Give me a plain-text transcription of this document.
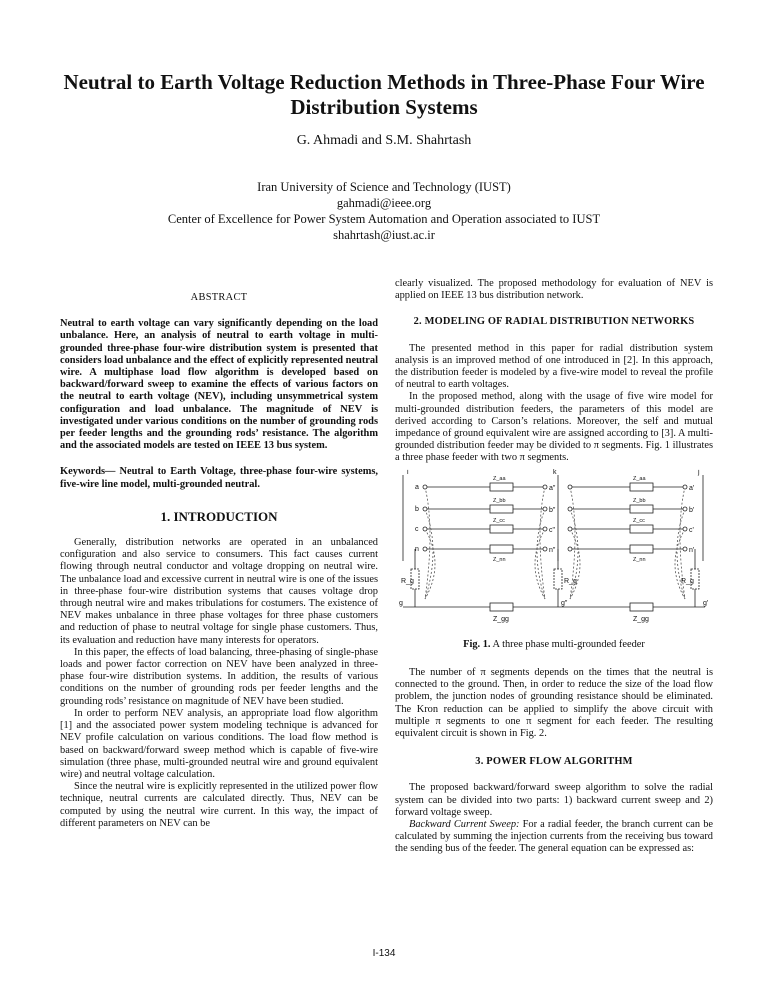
Neutral to Earth Voltage Reduction Methods in Three-Phase Four Wire Distribution Systems
G. Ahmadi and S.M. Shahrtash
Iran University of Science and Technology (IUST)
gahmadi@ieee.org
Center of Excellence for Power System Automation and Operation associated to IUST
shahrtash@iust.ac.ir
ABSTRACT

Neutral to earth voltage can vary significantly depending on the load unbalance. Here, an analysis of neutral to earth voltage in multi-grounded three-phase four-wire distribution system is presented that considers load unbalance and the effect of explicitly represented neutral wire. A multiphase load flow algorithm is developed based on backward/forward sweep to examine the effects of various factors on the neutral to earth voltage (NEV), including unsymmetrical system configuration and load unbalance. The magnitude of NEV is investigated under various conditions on the number of grounding rods per feeder lengths and the grounding rods’ resistance. The algorithm and the associated models are tested on IEEE 13 bus system.

Keywords— Neutral to Earth Voltage, three-phase four-wire systems, five-wire line model, multi-grounded neutral.

1. INTRODUCTION

Generally, distribution networks are operated in an unbalanced configuration and also service to consumers. This fact causes current flowing through neutral conductor and voltage dropping on neutral wire. The unbalance load and excessive current in neutral wire is one of the issues in three-phase four-wire distribution systems that causes voltage drop through neutral wire and makes tribulations for costumers. The existence of NEV makes unbalance in three phase voltages for three phase customers and reduction of phase to neutral voltage for single phase customers. Thus, its evaluation and reduction have many interests for operators.

In this paper, the effects of load balancing, three-phasing of single-phase loads and power factor correction on NEV have been analyzed in three-phase four-wire distribution systems. In addition, the results of various conditions on the number of grounding rods per feeder lengths and the grounding rods’ resistance on magnitude of NEV have been studied.

In order to perform NEV analysis, an appropriate load flow algorithm [1] and the associated power system modeling technique is advanced for NEV profile calculation on various conditions. The load flow method is based on backward/forward sweep method which is capable of five-wire simulation (three phase, multi-grounded neutral wire and ground equivalent wire) and neutral voltage calculation.

Since the neutral wire is explicitly represented in the utilized power flow technique, neutral currents are calculated directly. Thus, NEV can be computed by using the neutral wire current. In this way, the impact of different parameters on NEV can be

clearly visualized. The proposed methodology for evaluation of NEV is applied on IEEE 13 bus distribution network.

2. MODELING OF RADIAL DISTRIBUTION NETWORKS

The presented method in this paper for radial distribution system analysis is an improved method of one introduced in [2]. In this approach, the distribution feeder is modeled by a five-wire model to reveal the profile of neutral to earth voltages.

In the proposed method, along with the usage of five wire model for multi-grounded distribution feeders, the parameters of this model are derived according to Carson’s relations. Moreover, the self and mutual impedance of ground equivalent wire are assigned according to [3]. A multi-grounded distribution feeder may be divided to π segments. Fig. 1 illustrates a three phase feeder with two π segments.

i	k	j
a
b
c
n
a"
b"
c"
n"
a'
b'
c'
n'
Z_aa
Z_bb
Z_cc
Z_nn
Z_aa
Z_bb
Z_cc
Z_nn
R_g	R_g	R_g
g	g"	g'
Z_gg	Z_gg
Fig. 1. A three phase multi-grounded feeder

The number of π segments depends on the times that the neutral is connected to the ground. Then, in order to reduce the size of the load flow problem, the junction nodes of grounding resistance should be eliminated. The Kron reduction can be applied to simplify the above circuit with multiple π segments to one π segment for each feeder. The resulting equivalent circuit is shown in Fig. 2.

3. POWER FLOW ALGORITHM

The proposed backward/forward sweep algorithm to solve the radial system can be divided into two parts: 1) backward current sweep and 2) forward voltage sweep.

Backward Current Sweep: For a radial feeder, the branch current can be calculated by summing the injection currents from the receiving bus toward the sending bus of the feeder. The general equation can be expressed as:

I-134
